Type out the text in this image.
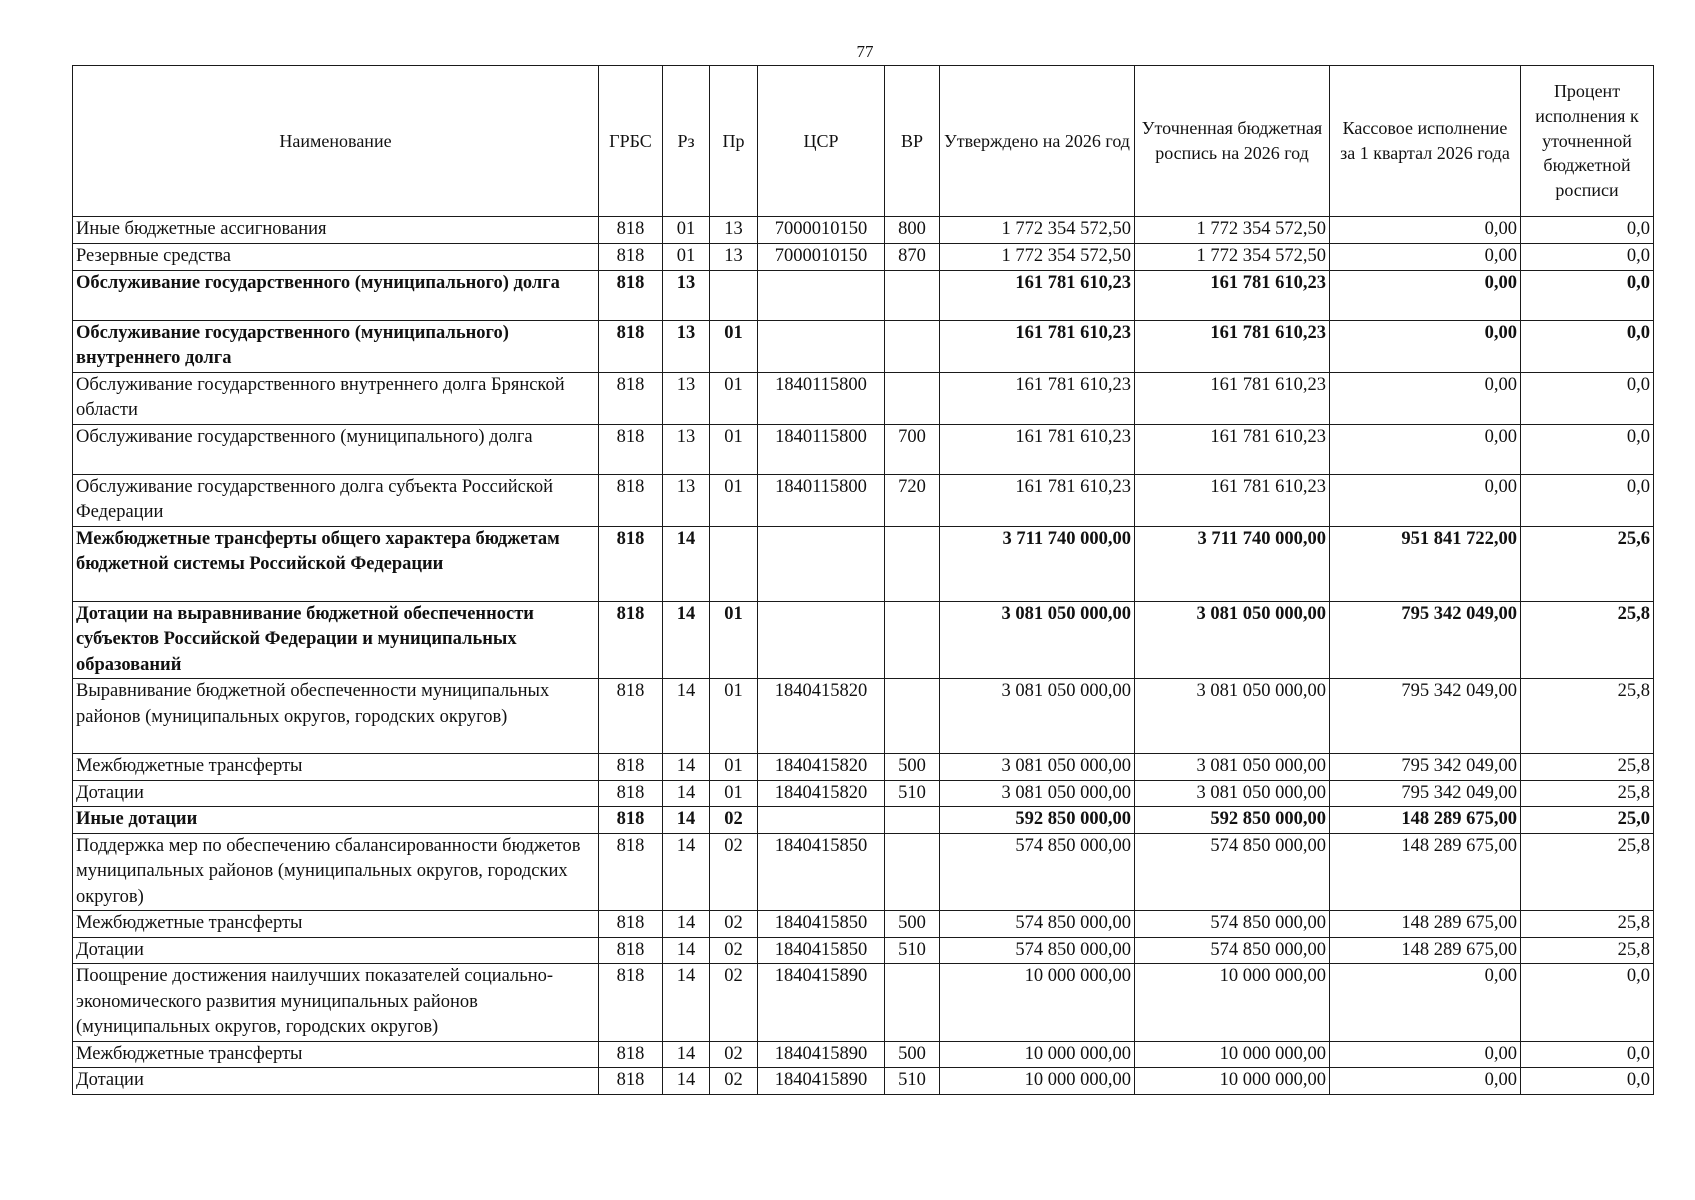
77
Наименование	ГРБС	Рз	Пр	ЦСР	ВР	Утверждено на 2026 год	Уточненная бюджетная роспись на 2026 год	Кассовое исполнение за 1 квартал 2026 года	Процент исполнения к уточненной бюджетной росписи
Иные бюджетные ассигнования	818	01	13	7000010150	800	1 772 354 572,50	1 772 354 572,50	0,00	0,0
Резервные средства	818	01	13	7000010150	870	1 772 354 572,50	1 772 354 572,50	0,00	0,0
Обслуживание государственного (муниципального) долга	818	13				161 781 610,23	161 781 610,23	0,00	0,0
Обслуживание государственного (муниципального) внутреннего долга	818	13	01			161 781 610,23	161 781 610,23	0,00	0,0
Обслуживание государственного внутреннего долга Брянской области	818	13	01	1840115800		161 781 610,23	161 781 610,23	0,00	0,0
Обслуживание государственного (муниципального) долга	818	13	01	1840115800	700	161 781 610,23	161 781 610,23	0,00	0,0
Обслуживание государственного долга субъекта Российской Федерации	818	13	01	1840115800	720	161 781 610,23	161 781 610,23	0,00	0,0
Межбюджетные трансферты общего характера бюджетам бюджетной системы Российской Федерации	818	14				3 711 740 000,00	3 711 740 000,00	951 841 722,00	25,6
Дотации на выравнивание бюджетной обеспеченности субъектов Российской Федерации и муниципальных образований	818	14	01			3 081 050 000,00	3 081 050 000,00	795 342 049,00	25,8
Выравнивание бюджетной обеспеченности муниципальных районов (муниципальных округов, городских округов)	818	14	01	1840415820		3 081 050 000,00	3 081 050 000,00	795 342 049,00	25,8
Межбюджетные трансферты	818	14	01	1840415820	500	3 081 050 000,00	3 081 050 000,00	795 342 049,00	25,8
Дотации	818	14	01	1840415820	510	3 081 050 000,00	3 081 050 000,00	795 342 049,00	25,8
Иные дотации	818	14	02			592 850 000,00	592 850 000,00	148 289 675,00	25,0
Поддержка мер по обеспечению сбалансированности бюджетов муниципальных районов (муниципальных округов, городских округов)	818	14	02	1840415850		574 850 000,00	574 850 000,00	148 289 675,00	25,8
Межбюджетные трансферты	818	14	02	1840415850	500	574 850 000,00	574 850 000,00	148 289 675,00	25,8
Дотации	818	14	02	1840415850	510	574 850 000,00	574 850 000,00	148 289 675,00	25,8
Поощрение достижения наилучших показателей социально-экономического развития муниципальных районов (муниципальных округов, городских округов)	818	14	02	1840415890		10 000 000,00	10 000 000,00	0,00	0,0
Межбюджетные трансферты	818	14	02	1840415890	500	10 000 000,00	10 000 000,00	0,00	0,0
Дотации	818	14	02	1840415890	510	10 000 000,00	10 000 000,00	0,00	0,0
